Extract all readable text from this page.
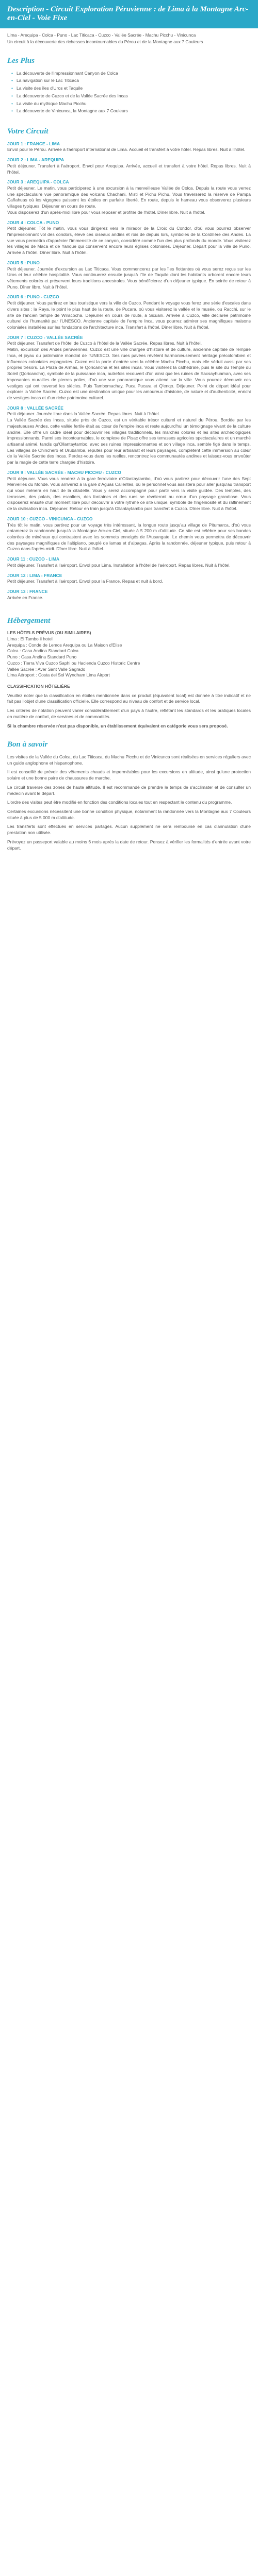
Description - Circuit Exploration Péruvienne : de Lima à la Montagne Arc-en-Ciel - Voie Fixe
Lima - Arequipa - Colca - Puno - Lac Titicaca - Cuzco - Vallée Sacrée - Machu Picchu - Vinicunca
Un circuit à la découverte des richesses incontournables du Pérou et de la Montagne aux 7 Couleurs
Les Plus
• La découverte de l'impressionnant Canyon de Colca
• La navigation sur le Lac Titicaca
• La visite des îles d'Uros et Taquile
• La découverte de Cuzco et de la Vallée Sacrée des Incas
• La visite du mythique Machu Picchu
• La découverte de Vinicunca, la Montagne aux 7 Couleurs
Votre Circuit
JOUR 1 : FRANCE - LIMA
Envol pour le Pérou. Arrivée à l'aéroport international de Lima. Accueil et transfert à votre hôtel. Repas libres. Nuit à l'hôtel.
JOUR 2 : LIMA - AREQUIPA
Petit déjeuner. Transfert à l'aéroport. Envol pour Arequipa. Arrivée, accueil et transfert à votre hôtel. Repas libres. Nuit à l'hôtel.
JOUR 3 : AREQUIPA - COLCA
Petit déjeuner. Le matin, vous participerez à une excursion à la merveilleuse Vallée de Colca. Depuis la route vous verrez une spectaculaire vue panoramique des volcans Chachani, Misti et Pichu Pichu. Vous traverserez la réserve de Pampa Cañahuas où les vigognes paissent les étoiles en parfaite liberté. En route, depuis le hameau vous observerez plusieurs villages typiques. Déjeuner en cours de route.
Vous disposerez d'un après-midi libre pour vous reposer et profiter de l'hôtel. Dîner libre. Nuit à l'hôtel.
JOUR 4 : COLCA - PUNO
Petit déjeuner. Tôt le matin, vous vous dirigerez vers le mirador de la Croix du Condor, d'où vous pourrez observer l'impressionnant vol des condors, élevé ces oiseaux andins et rois de depuis lors, symboles de la Cordillère des Andes. La vue vous permettra d'apprécier l'immensité de ce canyon, considéré comme l'un des plus profonds du monde. Vous visiterez les villages de Maca et de Yanque qui conservent encore leurs églises coloniales. Déjeuner. Départ pour la ville de Puno. Arrivée à l'hôtel. Dîner libre. Nuit à l'hôtel.
JOUR 5 : PUNO
Petit déjeuner. Journée d'excursion au Lac Titicaca. Vous commencerez par les îles flottantes où vous serez reçus sur les Uros et leur célèbre hospitalité. Vous continuerez ensuite jusqu'à l'île de Taquile dont les habitants arborent encore leurs vêtements colorés et préservent leurs traditions ancestrales. Vous bénéficierez d'un déjeuner typique. En soirée de retour à Puno. Dîner libre. Nuit à l'hôtel.
JOUR 6 : PUNO - CUZCO
Petit déjeuner. Vous partirez en bus touristique vers la ville de Cuzco. Pendant le voyage vous ferez une série d'escales dans divers sites : la Raya, le point le plus haut de la route, de Pucara, où vous visiterez la vallée et le musée, ou Racchi, sur le site de l'ancien temple de Wiracocha. Déjeuner en cours de route, à Sicuani. Arrivée à Cuzco, ville déclarée patrimoine culturel de l'humanité par l'UNESCO. Ancienne capitale de l'empire Inca, vous pourrez admirer ses magnifiques maisons coloniales installées sur les fondations de l'architecture inca. Transfert à l'hôtel. Dîner libre. Nuit à l'hôtel.
JOUR 7 : CUZCO - VALLÉE SACRÉE
Petit déjeuner. Transfert de l'hôtel de Cuzco à l'hôtel de la Vallée Sacrée. Repas libres. Nuit à l'hôtel.
Matin, excursion des Andes péruviennes, Cuzco est une ville chargée d'histoire et de culture, ancienne capitale de l'empire Inca, et joyau du patrimoine mondial de l'UNESCO. Ses rues pavées révèlent harmonieusement héritage précolombien et influences coloniales espagnoles. Cuzco est la porte d'entrée vers la célèbre Machu Picchu, mais elle séduit aussi par ses propres trésors. La Plaza de Armas, le Qoricancha et les sites incas. Vous visiterez la cathédrale, puis le site du Temple du Soleil (Qoricancha), symbole de la puissance inca, autrefois recouvert d'or, ainsi que les ruines de Sacsayhuaman, avec ses imposantes murailles de pierres polies, d'où une vue panoramique vous attend sur la ville. Vous pourrez découvrir ces vestiges qui ont traversé les siècles. Puis Tambomachay, Puca Pucara et Q'enqo. Déjeuner. Point de départ idéal pour explorer la Vallée Sacrée, Cuzco est une destination unique pour les amoureux d'histoire, de nature et d'authenticité, enrichi de vestiges incas et d'un riche patrimoine culturel.
JOUR 8 : VALLÉE SACRÉE
Petit déjeuner. Journée libre dans la Vallée Sacrée. Repas libres. Nuit à l'hôtel.
La Vallée Sacrée des Incas, située près de Cuzco, est un véritable trésor culturel et naturel du Pérou. Bordée par les majestueuses Andes, cette vallée fertile était au cœur de l'empire inca et reste aujourd'hui un témoignage vivant de la culture andine. Elle offre un cadre idéal pour découvrir les villages traditionnels, les marchés colorés et les sites archéologiques impressionnants. Parmi ses incontournables, le complexe de Pisac offre ses terrasses agricoles spectaculaires et un marché artisanal animé, tandis qu'Ollantaytambo, avec ses ruines impressionnantes et son village inca, semble figé dans le temps. Les villages de Chinchero et Urubamba, réputés pour leur artisanat et leurs paysages, complètent cette immersion au cœur de la Vallée Sacrée des Incas. Perdez-vous dans les ruelles, rencontrez les communautés andines et laissez-vous envoûter par la magie de cette terre chargée d'histoire.
JOUR 9 : VALLÉE SACRÉE - MACHU PICCHU - CUZCO
Petit déjeuner. Vous vous rendrez à la gare ferroviaire d'Ollantaytambo, d'où vous partirez pour découvrir l'une des Sept Merveilles du Monde. Vous arriverez à la gare d'Aguas Calientes, où le personnel vous assistera pour aller jusqu'au transport qui vous mènera en haut de la citadelle. Vous y serez accompagné pour partir vers la visite guidée. Des temples, des terrasses, des palais, des escaliers, des fontaines et des rues se révèleront au cœur d'un paysage grandiose. Vous disposerez ensuite d'un moment libre pour découvrir à votre rythme ce site unique, symbole de l'ingéniosité et du raffinement de la civilisation inca. Déjeuner. Retour en train jusqu'à Ollantaytambo puis transfert à Cuzco. Dîner libre. Nuit à l'hôtel.
JOUR 10 : CUZCO - VINICUNCA - CUZCO
Très tôt le matin, vous partirez pour un voyage très intéressant, la longue route jusqu'au village de Pitumarca, d'où vous entamerez la randonnée jusqu'à la Montagne Arc-en-Ciel, située à 5 200 m d'altitude. Ce site est célèbre pour ses bandes colorées de minéraux qui contrastent avec les sommets enneigés de l'Ausangate. Le chemin vous permettra de découvrir des paysages magnifiques de l'altiplano, peuplé de lamas et d'alpagas. Après la randonnée, déjeuner typique, puis retour à Cuzco dans l'après-midi. Dîner libre. Nuit à l'hôtel.
JOUR 11 : CUZCO - LIMA
Petit déjeuner. Transfert à l'aéroport. Envol pour Lima. Installation à l'hôtel de l'aéroport. Repas libres. Nuit à l'hôtel.
JOUR 12 : LIMA - FRANCE
Petit déjeuner. Transfert à l'aéroport. Envol pour la France. Repas et nuit à bord.
JOUR 13 : FRANCE
Arrivée en France.
Hébergement
LES HÔTELS PRÉVUS (OU SIMILAIRES)
Lima : El Tambo ii hotel
Arequipa : Conde de Lemos Arequipa ou La Maison d'Elise
Colca : Casa Andina Standard Colca
Puno : Casa Andina Standard Puno
Cuzco : Tierra Viva Cuzco Saphi ou Hacienda Cuzco Historic Centre
Vallée Sacrée : Aver Sant Valle Sagrado
Lima Aéroport : Costa del Sol Wyndham Lima Airport
CLASSIFICATION HÔTELIÈRE

Veuillez noter que la classification en étoiles mentionnée dans ce produit (équivalent local) est donnée à titre indicatif et ne fait pas l'objet d'une classification officielle. Elle correspond au niveau de confort et de service local.

Les critères de notation peuvent varier considérablement d'un pays à l'autre, reflétant les standards et les pratiques locales en matière de confort, de services et de commodités.

Si la chambre réservée n'est pas disponible, un établissement équivalent en catégorie vous sera proposé.

Bon à savoir

Les visites de la Vallée du Colca, du Lac Titicaca, du Machu Picchu et de Vinicunca sont réalisées en services réguliers avec un guide anglophone et hispanophone.

Il est conseillé de prévoir des vêtements chauds et imperméables pour les excursions en altitude, ainsi qu'une protection solaire et une bonne paire de chaussures de marche.

Le circuit traverse des zones de haute altitude. Il est recommandé de prendre le temps de s'acclimater et de consulter un médecin avant le départ.

L'ordre des visites peut être modifié en fonction des conditions locales tout en respectant le contenu du programme.

Certaines excursions nécessitent une bonne condition physique, notamment la randonnée vers la Montagne aux 7 Couleurs située à plus de 5 000 m d'altitude.

Les transferts sont effectués en services partagés. Aucun supplément ne sera remboursé en cas d'annulation d'une prestation non utilisée.

Prévoyez un passeport valable au moins 6 mois après la date de retour. Pensez à vérifier les formalités d'entrée avant votre départ.
